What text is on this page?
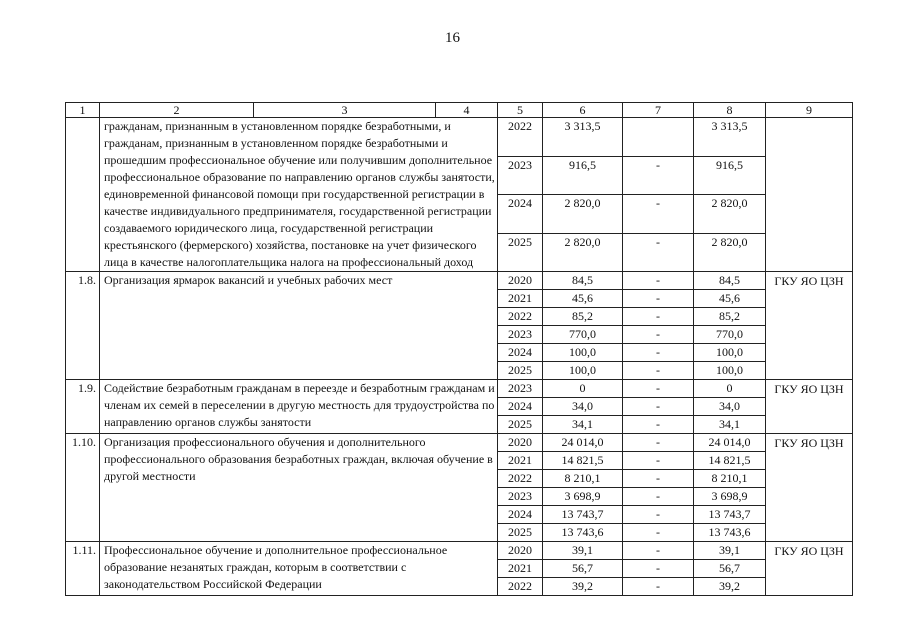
16
1	2	3	4	5	6	7	8	9
	гражданам, признанным в установленном порядке безработными, и гражданам, признанным в установленном порядке безработными и прошедшим профессиональное обучение или получившим дополнительное профессиональное образование по направлению органов службы занятости, единовременной финансовой помощи при государственной регистрации в качестве индивидуального предпринимателя, государственной регистрации создаваемого юридического лица, государственной регистрации крестьянского (фермерского) хозяйства, постановке на учет физического лица в качестве налогоплательщика налога на профессиональный доход			2022	3 313,5		3 313,5	
				2023	916,5	-	916,5	
				2024	2 820,0	-	2 820,0	
				2025	2 820,0	-	2 820,0	
1.8.	Организация ярмарок вакансий и учебных рабочих мест			2020	84,5	-	84,5	ГКУ ЯО ЦЗН
				2021	45,6	-	45,6	
				2022	85,2	-	85,2	
				2023	770,0	-	770,0	
				2024	100,0	-	100,0	
				2025	100,0	-	100,0	
1.9.	Содействие безработным гражданам в переезде и безработным гражданам и членам их семей в переселении в другую местность для трудоустройства по направлению органов службы занятости			2023	0	-	0	ГКУ ЯО ЦЗН
				2024	34,0	-	34,0	
				2025	34,1	-	34,1	
1.10.	Организация профессионального обучения и дополнительного профессионального образования безработных граждан, включая обучение в другой местности			2020	24 014,0	-	24 014,0	ГКУ ЯО ЦЗН
				2021	14 821,5	-	14 821,5	
				2022	8 210,1	-	8 210,1	
				2023	3 698,9	-	3 698,9	
				2024	13 743,7	-	13 743,7	
				2025	13 743,6	-	13 743,6	
1.11.	Профессиональное обучение и дополнительное профессиональное образование незанятых граждан, которым в соответствии с законодательством Российской Федерации			2020	39,1	-	39,1	ГКУ ЯО ЦЗН
				2021	56,7	-	56,7	
				2022	39,2	-	39,2	
